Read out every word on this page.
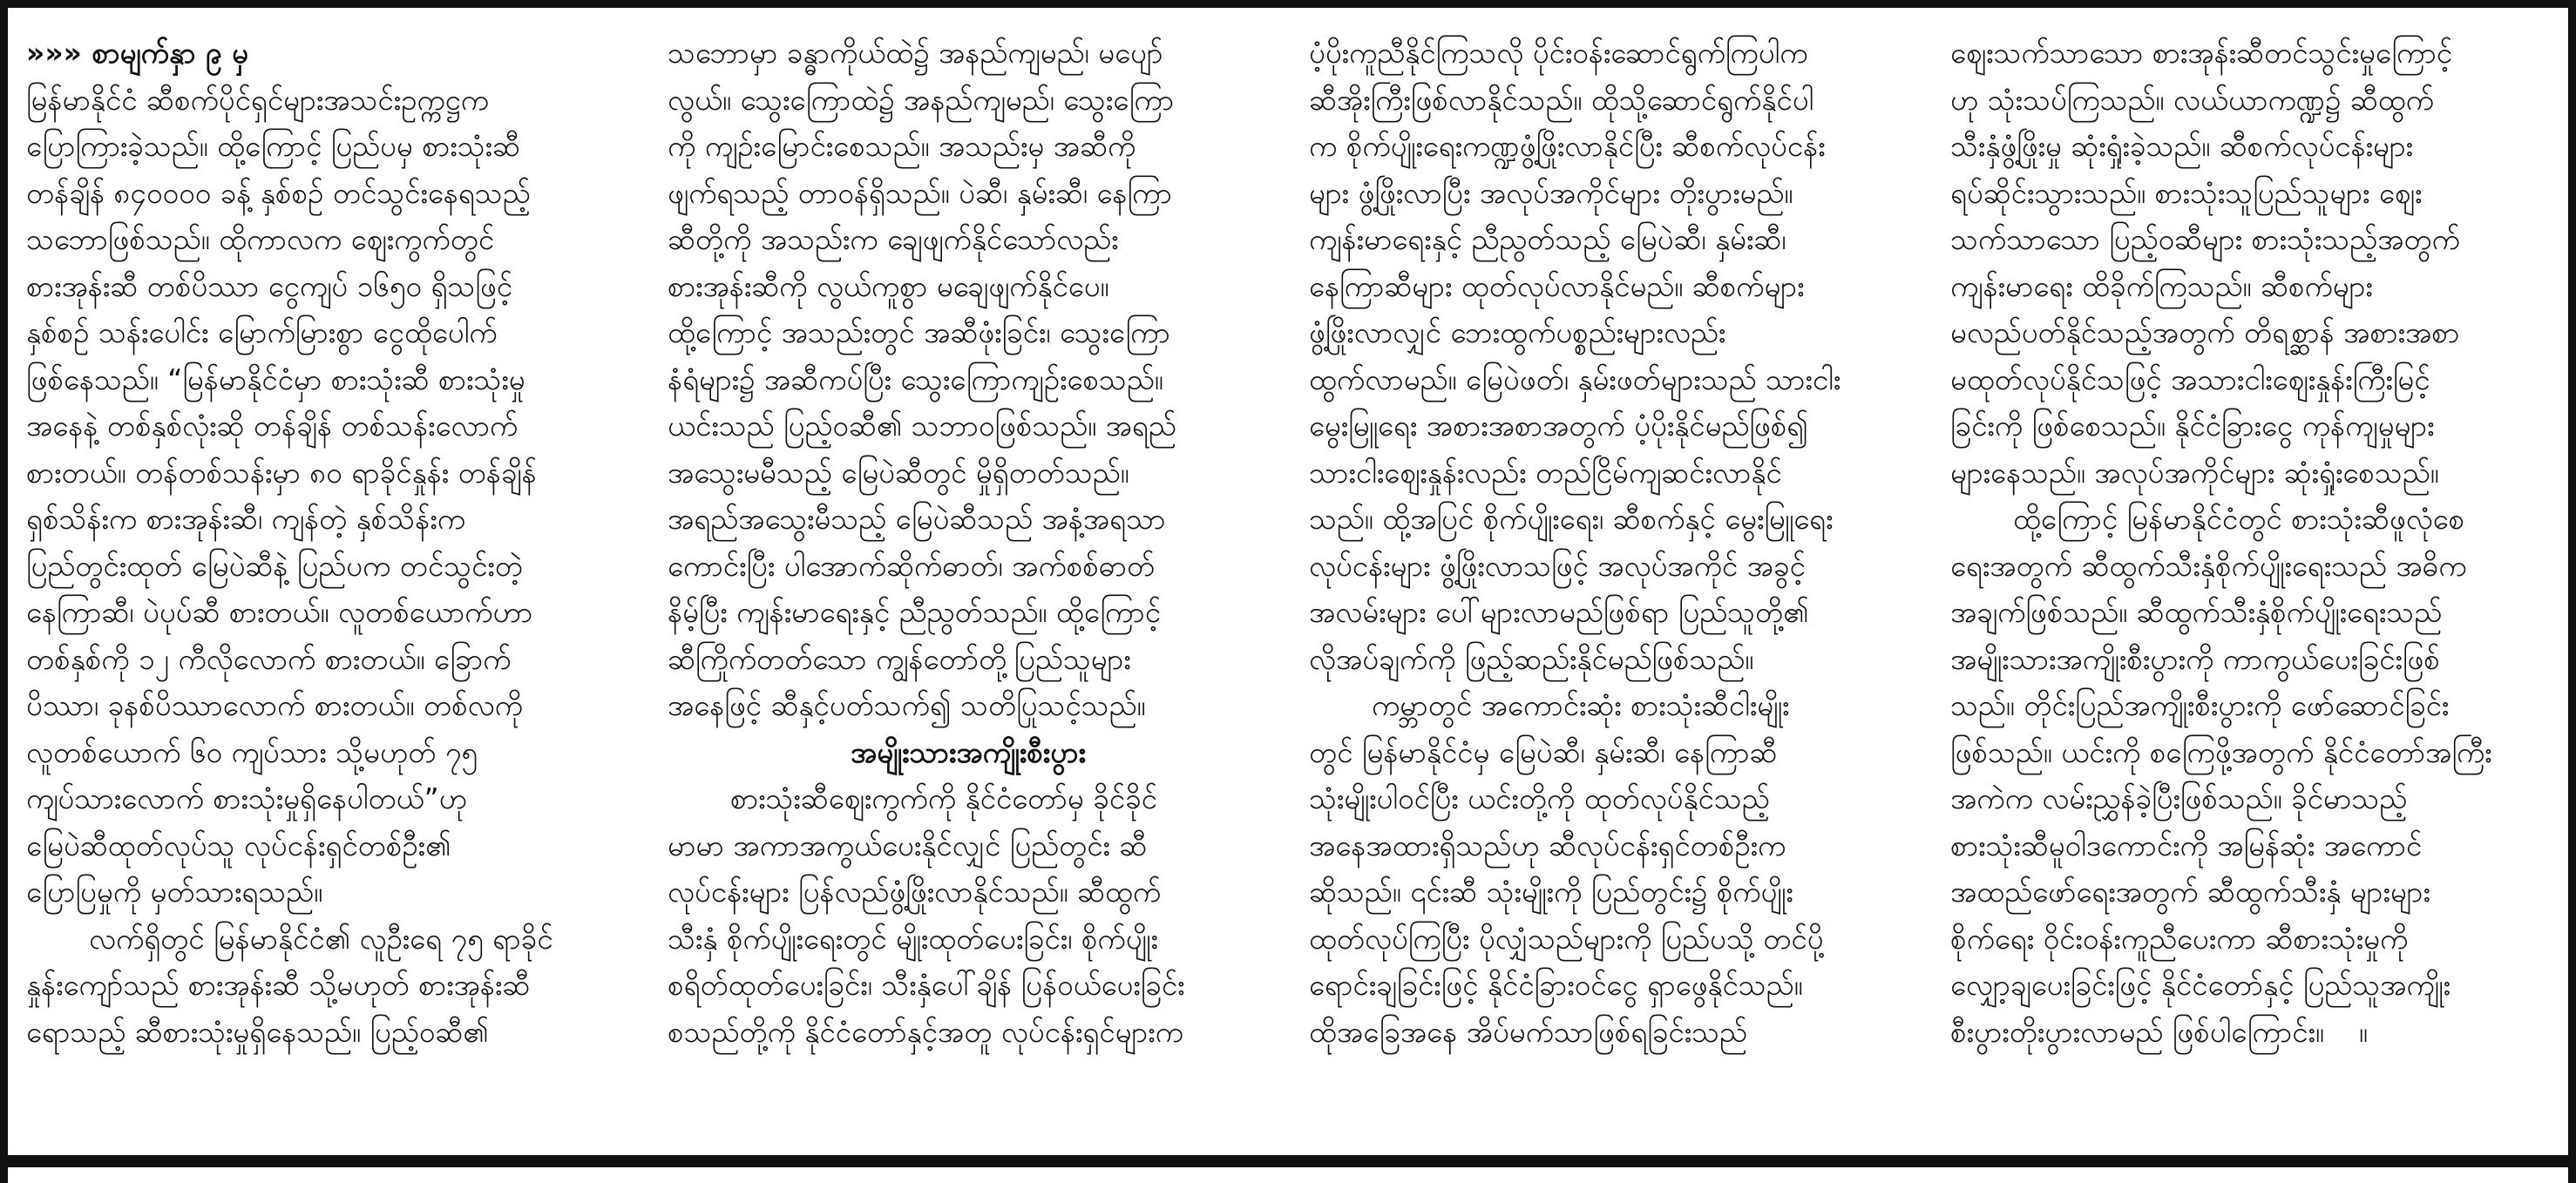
»»» စာမျက်နှာ ၉ မှ
မြန်မာနိုင်ငံ ဆီစက်ပိုင်ရှင်များအသင်းဥက္ကဋ္ဌက
ပြောကြားခဲ့သည်။ ထို့ကြောင့် ပြည်ပမှ စားသုံးဆီ
တန်ချိန် ၈၄၀၀၀၀ ခန့် နှစ်စဉ် တင်သွင်းနေရသည့်
သဘောဖြစ်သည်။ ထိုကာလက ဈေးကွက်တွင်
စားအုန်းဆီ တစ်ပိဿာ ငွေကျပ် ၁၆၅၀ ရှိသဖြင့်
နှစ်စဉ် သန်းပေါင်း မြောက်မြားစွာ ငွေထိုပေါက်
ဖြစ်နေသည်။ “မြန်မာနိုင်ငံမှာ စားသုံးဆီ စားသုံးမှု
အနေနဲ့ တစ်နှစ်လုံးဆို တန်ချိန် တစ်သန်းလောက်
စားတယ်။ တန်တစ်သန်းမှာ ၈၀ ရာခိုင်နှုန်း တန်ချိန်
ရှစ်သိန်းက စားအုန်းဆီ၊ ကျန်တဲ့ နှစ်သိန်းက
ပြည်တွင်းထုတ် မြေပဲဆီနဲ့ ပြည်ပက တင်သွင်းတဲ့
နေကြာဆီ၊ ပဲပုပ်ဆီ စားတယ်။ လူတစ်ယောက်ဟာ
တစ်နှစ်ကို ၁၂ ကီလိုလောက် စားတယ်။ ခြောက်
ပိဿာ၊ ခုနစ်ပိဿာလောက် စားတယ်။ တစ်လကို
လူတစ်ယောက် ၆၀ ကျပ်သား သို့မဟုတ် ၇၅
ကျပ်သားလောက် စားသုံးမှုရှိနေပါတယ်”ဟု
မြေပဲဆီထုတ်လုပ်သူ လုပ်ငန်းရှင်တစ်ဦး၏
ပြောပြမှုကို မှတ်သားရသည်။
လက်ရှိတွင် မြန်မာနိုင်ငံ၏ လူဦးရေ ၇၅ ရာခိုင်
နှုန်းကျော်သည် စားအုန်းဆီ သို့မဟုတ် စားအုန်းဆီ
ရောသည့် ဆီစားသုံးမှုရှိနေသည်။ ပြည့်ဝဆီ၏
သဘောမှာ ခန္ဓာကိုယ်ထဲ၌ အနည်ကျမည်၊ မပျော်
လွယ်။ သွေးကြောထဲ၌ အနည်ကျမည်၊ သွေးကြော
ကို ကျဉ်းမြောင်းစေသည်။ အသည်းမှ အဆီကို
ဖျက်ရသည့် တာဝန်ရှိသည်။ ပဲဆီ၊ နှမ်းဆီ၊ နေကြာ
ဆီတို့ကို အသည်းက ချေဖျက်နိုင်သော်လည်း
စားအုန်းဆီကို လွယ်ကူစွာ မချေဖျက်နိုင်ပေ။
ထို့ကြောင့် အသည်းတွင် အဆီဖုံးခြင်း၊ သွေးကြော
နံရံများ၌ အဆီကပ်ပြီး သွေးကြောကျဉ်းစေသည်။
ယင်းသည် ပြည့်ဝဆီ၏ သဘာဝဖြစ်သည်။ အရည်
အသွေးမမီသည့် မြေပဲဆီတွင် မှိုရှိတတ်သည်။
အရည်အသွေးမီသည့် မြေပဲဆီသည် အနံ့အရသာ
ကောင်းပြီး ပါအောက်ဆိုက်ဓာတ်၊ အက်စစ်ဓာတ်
နိမ့်ပြီး ကျန်းမာရေးနှင့် ညီညွတ်သည်။ ထို့ကြောင့်
ဆီကြိုက်တတ်သော ကျွန်တော်တို့ပြည်သူများ
အနေဖြင့် ဆီနှင့်ပတ်သက်၍ သတိပြုသင့်သည်။
အမျိုးသားအကျိုးစီးပွား
စားသုံးဆီဈေးကွက်ကို နိုင်ငံတော်မှ ခိုင်ခိုင်
မာမာ အကာအကွယ်ပေးနိုင်လျှင် ပြည်တွင်း ဆီ
လုပ်ငန်းများ ပြန်လည်ဖွံ့ဖြိုးလာနိုင်သည်။ ဆီထွက်
သီးနှံ စိုက်ပျိုးရေးတွင် မျိုးထုတ်ပေးခြင်း၊ စိုက်ပျိုး
စရိတ်ထုတ်ပေးခြင်း၊ သီးနှံပေါ်ချိန် ပြန်ဝယ်ပေးခြင်း
စသည်တို့ကို နိုင်ငံတော်နှင့်အတူ လုပ်ငန်းရှင်များက
ပံ့ပိုးကူညီနိုင်ကြသလို ပိုင်းဝန်းဆောင်ရွက်ကြပါက
ဆီအိုးကြီးဖြစ်လာနိုင်သည်။ ထိုသို့ဆောင်ရွက်နိုင်ပါ
က စိုက်ပျိုးရေးကဏ္ဍဖွံ့ဖြိုးလာနိုင်ပြီး ဆီစက်လုပ်ငန်း
များ ဖွံ့ဖြိုးလာပြီး အလုပ်အကိုင်များ တိုးပွားမည်။
ကျန်းမာရေးနှင့် ညီညွတ်သည့် မြေပဲဆီ၊ နှမ်းဆီ၊
နေကြာဆီများ ထုတ်လုပ်လာနိုင်မည်။ ဆီစက်များ
ဖွံ့ဖြိုးလာလျှင် ဘေးထွက်ပစ္စည်းများလည်း
ထွက်လာမည်။ မြေပဲဖတ်၊ နှမ်းဖတ်များသည် သားငါး
မွေးမြူရေး အစားအစာအတွက် ပံ့ပိုးနိုင်မည်ဖြစ်၍
သားငါးဈေးနှုန်းလည်း တည်ငြိမ်ကျဆင်းလာနိုင်
သည်။ ထို့အပြင် စိုက်ပျိုးရေး၊ ဆီစက်နှင့် မွေးမြူရေး
လုပ်ငန်းများ ဖွံ့ဖြိုးလာသဖြင့် အလုပ်အကိုင် အခွင့်
အလမ်းများ ပေါ်များလာမည်ဖြစ်ရာ ပြည်သူတို့၏
လိုအပ်ချက်ကို ဖြည့်ဆည်းနိုင်မည်ဖြစ်သည်။
ကမ္ဘာတွင် အကောင်းဆုံး စားသုံးဆီငါးမျိုး
တွင် မြန်မာနိုင်ငံမှ မြေပဲဆီ၊ နှမ်းဆီ၊ နေကြာဆီ
သုံးမျိုးပါဝင်ပြီး ယင်းတို့ကို ထုတ်လုပ်နိုင်သည့်
အနေအထားရှိသည်ဟု ဆီလုပ်ငန်းရှင်တစ်ဦးက
ဆိုသည်။ ၎င်းဆီ သုံးမျိုးကို ပြည်တွင်း၌ စိုက်ပျိုး
ထုတ်လုပ်ကြပြီး ပိုလျှံသည်များကို ပြည်ပသို့ တင်ပို့
ရောင်းချခြင်းဖြင့် နိုင်ငံခြားဝင်ငွေ ရှာဖွေနိုင်သည်။
ထိုအခြေအနေ အိပ်မက်သာဖြစ်ရခြင်းသည်
ဈေးသက်သာသော စားအုန်းဆီတင်သွင်းမှုကြောင့်
ဟု သုံးသပ်ကြသည်။ လယ်ယာကဏ္ဍ၌ ဆီထွက်
သီးနှံဖွံ့ဖြိုးမှု ဆုံးရှုံးခဲ့သည်။ ဆီစက်လုပ်ငန်းများ
ရပ်ဆိုင်းသွားသည်။ စားသုံးသူပြည်သူများ ဈေး
သက်သာသော ပြည့်ဝဆီများ စားသုံးသည့်အတွက်
ကျန်းမာရေး ထိခိုက်ကြသည်။ ဆီစက်များ
မလည်ပတ်နိုင်သည့်အတွက် တိရစ္ဆာန် အစားအစာ
မထုတ်လုပ်နိုင်သဖြင့် အသားငါးဈေးနှုန်းကြီးမြင့်
ခြင်းကို ဖြစ်စေသည်။ နိုင်ငံခြားငွေ ကုန်ကျမှုများ
များနေသည်။ အလုပ်အကိုင်များ ဆုံးရှုံးစေသည်။
ထို့ကြောင့် မြန်မာနိုင်ငံတွင် စားသုံးဆီဖူလုံစေ
ရေးအတွက် ဆီထွက်သီးနှံစိုက်ပျိုးရေးသည် အဓိက
အချက်ဖြစ်သည်။ ဆီထွက်သီးနှံစိုက်ပျိုးရေးသည်
အမျိုးသားအကျိုးစီးပွားကို ကာကွယ်ပေးခြင်းဖြစ်
သည်။ တိုင်းပြည်အကျိုးစီးပွားကို ဖော်ဆောင်ခြင်း
ဖြစ်သည်။ ယင်းကို စကြေဖို့အတွက် နိုင်ငံတော်အကြီး
အကဲက လမ်းညွှန်ခဲ့ပြီးဖြစ်သည်။ ခိုင်မာသည့်
စားသုံးဆီမူဝါဒကောင်းကို အမြန်ဆုံး အကောင်
အထည်ဖော်ရေးအတွက် ဆီထွက်သီးနှံ များများ
စိုက်ရေး ဝိုင်းဝန်းကူညီပေးကာ ဆီစားသုံးမှုကို
လျှော့ချပေးခြင်းဖြင့် နိုင်ငံတော်နှင့် ပြည်သူအကျိုး
စီးပွားတိုးပွားလာမည် ဖြစ်ပါကြောင်း။ ။
